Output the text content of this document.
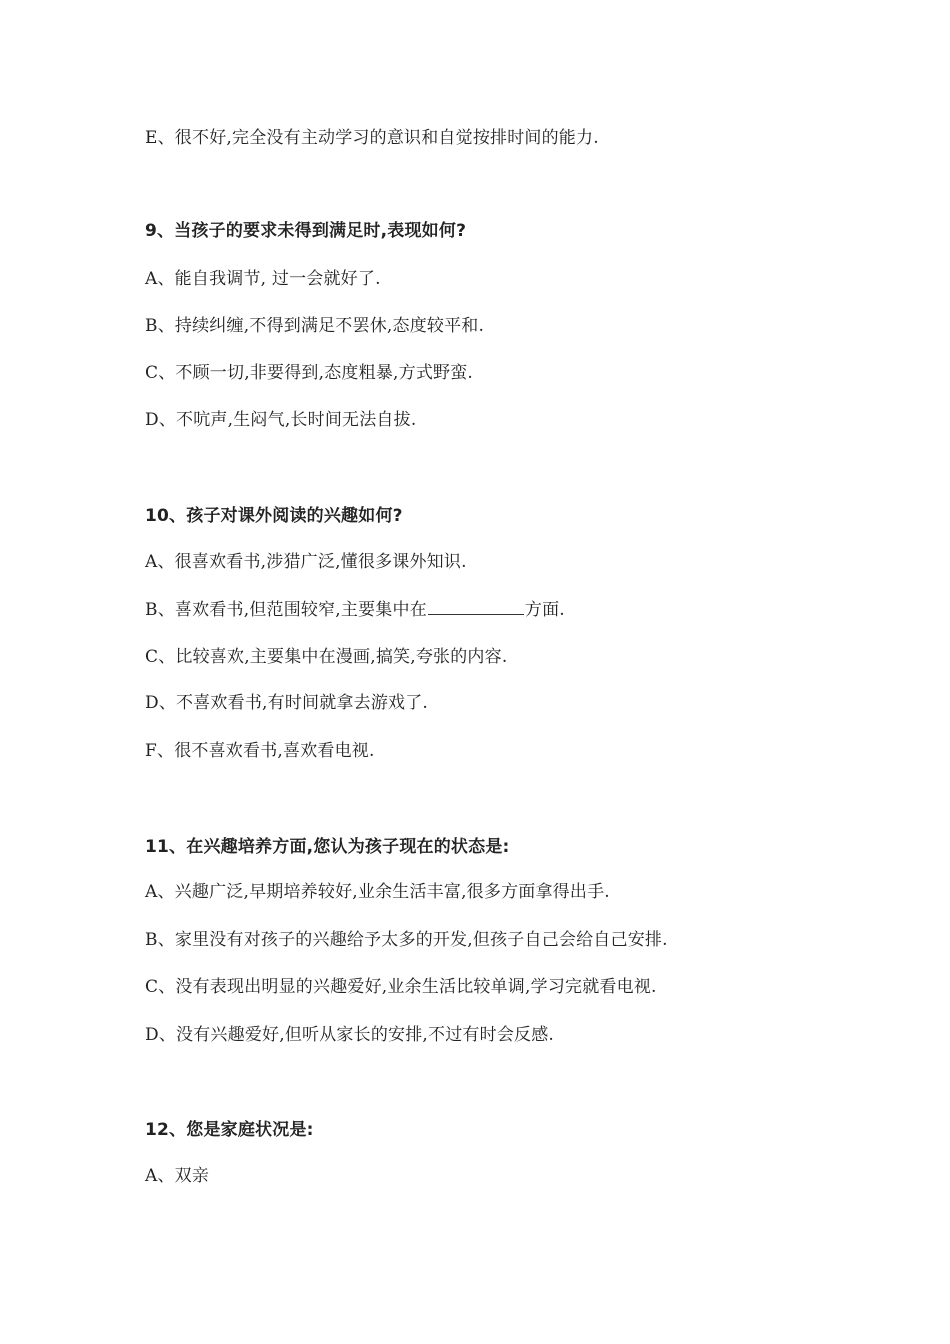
E、很不好,完全没有主动学习的意识和自觉按排时间的能力.
9、当孩子的要求未得到满足时,表现如何?
A、能自我调节, 过一会就好了.
B、持续纠缠,不得到满足不罢休,态度较平和.
C、不顾一切,非要得到,态度粗暴,方式野蛮.
D、不吭声,生闷气,长时间无法自拔.
10、孩子对课外阅读的兴趣如何?
A、很喜欢看书,涉猎广泛,懂很多课外知识.
B、喜欢看书,但范围较窄,主要集中在	方面.
C、比较喜欢,主要集中在漫画,搞笑,夸张的内容.
D、不喜欢看书,有时间就拿去游戏了.
F、很不喜欢看书,喜欢看电视.
11、在兴趣培养方面,您认为孩子现在的状态是:
A、兴趣广泛,早期培养较好,业余生活丰富,很多方面拿得出手.
B、家里没有对孩子的兴趣给予太多的开发,但孩子自己会给自己安排.
C、没有表现出明显的兴趣爱好,业余生活比较单调,学习完就看电视.
D、没有兴趣爱好,但听从家长的安排,不过有时会反感.
12、您是家庭状况是:
A、双亲
